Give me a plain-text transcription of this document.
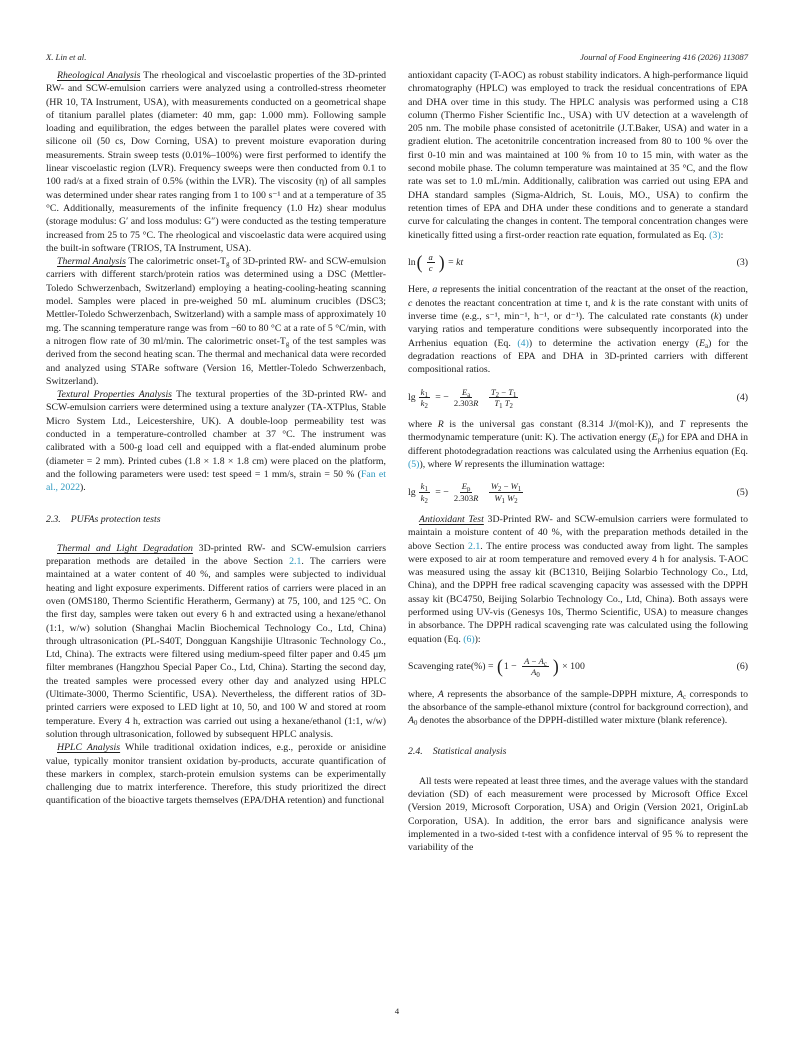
X. Lin et al.	Journal of Food Engineering 416 (2026) 113087

Rheological Analysis The rheological and viscoelastic properties of the 3D-printed RW- and SCW-emulsion carriers were analyzed using a controlled-stress rheometer (HR 10, TA Instrument, USA), with measurements conducted on a geometrical shape of titanium parallel plates (diameter: 40 mm, gap: 1.000 mm). Following sample loading and equilibration, the edges between the parallel plates were covered with silicone oil (50 cs, Dow Corning, USA) to prevent moisture evaporation during measurements. Strain sweep tests (0.01%–100%) were first performed to identify the linear viscoelastic region (LVR). Frequency sweeps were then conducted from 0.1 to 100 rad/s at a fixed strain of 0.5% (within the LVR). The viscosity (η) of all samples was determined under shear rates ranging from 1 to 100 s⁻¹ and at a temperature of 35 °C. Additionally, measurements of the infinite frequency (1.0 Hz) shear modulus (storage modulus: G′ and loss modulus: G″) were conducted as the testing temperature increased from 25 to 75 °C. The rheological and viscoelastic data were acquired using the built-in software (TRIOS, TA Instrument, USA).

Thermal Analysis The calorimetric onset-$T_g$ of 3D-printed RW- and SCW-emulsion carriers with different starch/protein ratios was determined using a DSC (Mettler-Toledo Schwerzenbach, Switzerland) employing a heating-cooling-heating scanning model. Samples were placed in pre-weighed 50 mL aluminum crucibles (DSC3; Mettler-Toledo Schwerzenbach, Switzerland) with a sample mass of approximately 10 mg. The scanning temperature range was from −60 to 80 °C at a rate of 5 °C/min, with a nitrogen flow rate of 30 ml/min. The calorimetric onset-$T_g$ of the test samples was derived from the second heating scan. The thermal and mechanical data were recorded and analyzed using STARe software (Version 16, Mettler-Toledo Schwerzenbach, Switzerland).

Textural Properties Analysis The textural properties of the 3D-printed RW- and SCW-emulsion carriers were determined using a texture analyzer (TA-XTPlus, Stable Micro System Ltd., Leicestershire, UK). A double-loop permeability test was conducted in a temperature-controlled chamber at 37 °C. The instrument was calibrated with a 500-g load cell and equipped with a flat-ended aluminum probe (diameter = 2 mm). Printed cubes (1.8 × 1.8 × 1.8 cm) were placed on the platform, and the following parameters were used: test speed = 1 mm/s, strain = 50 % (Fan et al., 2022).

2.3. PUFAs protection tests

Thermal and Light Degradation 3D-printed RW- and SCW-emulsion carriers preparation methods are detailed in the above Section 2.1. The carriers were maintained at a water content of 40 %, and samples were subjected to individual heating and light exposure experiments. Different ratios of carriers were placed in an oven (OMS180, Thermo Scientific Heratherm, Germany) at 75, 100, and 125 °C. On the first day, samples were taken out every 6 h and extracted using a hexane/ethanol (1:1, w/w) solution (Shanghai Maclin Biochemical Technology Co., Ltd, China) through ultrasonication (PL-S40T, Dongguan Kangshijie Ultrasonic Technology Co., Ltd, China). The extracts were filtered using medium-speed filter paper and 0.45 μm filter membranes (Hangzhou Special Paper Co., Ltd, China). Starting the second day, the treated samples were processed every other day and analyzed using HPLC (Ultimate-3000, Thermo Scientific, USA). Nevertheless, the different ratios of 3D-printed carriers were exposed to LED light at 10, 50, and 100 W and stored at room temperature. Every 4 h, extraction was carried out using a hexane/ethanol (1:1, w/w) solution through ultrasonication, followed by subsequent HPLC analysis.

HPLC Analysis While traditional oxidation indices, e.g., peroxide or anisidine value, typically monitor transient oxidation by-products, accurate quantification of these markers in complex, starch-protein emulsion systems can be experimentally challenging due to matrix interference. Therefore, this study prioritized the direct quantification of the bioactive targets themselves (EPA/DHA retention) and functional

antioxidant capacity (T-AOC) as robust stability indicators. A high-performance liquid chromatography (HPLC) was employed to track the residual concentrations of EPA and DHA over time in this study. The HPLC analysis was performed using a C18 column (Thermo Fisher Scientific Inc., USA) with UV detection at a wavelength of 205 nm. The mobile phase consisted of acetonitrile (J.T.Baker, USA) and water in a gradient elution. The acetonitrile concentration increased from 80 to 100 % over the first 0-10 min and was maintained at 100 % from 10 to 15 min, with water as the second mobile phase. The column temperature was maintained at 35 °C, and the flow rate was set to 1.0 mL/min. Additionally, calibration was carried out using EPA and DHA standard samples (Sigma-Aldrich, St. Louis, MO., USA) to confirm the retention times of EPA and DHA under these conditions and to generate a standard curve for calculating the changes in content. The temporal concentration changes were kinetically fitted using a first-order reaction rate equation, formulated as Eq. (3):

ln ( $\frac{a}{c}$ ) = kt	(3)

Here, a represents the initial concentration of the reactant at the onset of the reaction, c denotes the reactant concentration at time t, and k is the rate constant with units of inverse time (e.g., s⁻¹, min⁻¹, h⁻¹, or d⁻¹). The calculated rate constants (k) under varying ratios and temperature conditions were subsequently incorporated into the Arrhenius equation (Eq. (4)) to determine the activation energy $(E_a)$ for the degradation reactions of EPA and DHA in 3D-printed carriers with different compositional ratios.

$\lg \frac{k_1}{k_2}$ = − $\frac{E_a}{2.303R}$
$\frac{T_2 - T_1}{T_1 T_2}$	(4)

where R is the universal gas constant (8.314 J/(mol·K)), and T represents the thermodynamic temperature (unit: K). The activation energy $(E_p)$ for EPA and DHA in different photodegradation reactions was calculated using the Arrhenius equation (Eq. (5)), where W represents the illumination wattage:

$\lg \frac{k_1}{k_2}$ = − $\frac{E_p}{2.303R}$
$\frac{W_2 - W_1}{W_1 W_2}$	(5)

Antioxidant Test 3D-Printed RW- and SCW-emulsion carriers were formulated to maintain a moisture content of 40 %, with the preparation methods detailed in the above Section 2.1. The entire process was conducted away from light. The samples were exposed to air at room temperature and removed every 4 h for analysis. T-AOC was measured using the assay kit (BC1310, Beijing Solarbio Technology Co., Ltd, China), and the DPPH free radical scavenging capacity was assessed with the DPPH assay kit (BC4750, Beijing Solarbio Technology Co., Ltd, China). Both assays were performed using UV-vis (Genesys 10s, Thermo Scientific, USA) to measure changes in absorbance. The DPPH radical scavenging rate was calculated using the following equation (Eq. (6)):

Scavenging rate(%) = ( $1 - \frac{A - A_c}{A_0}$ ) × 100	(6)

where, A represents the absorbance of the sample-DPPH mixture, $A_c$ corresponds to the absorbance of the sample-ethanol mixture (control for background correction), and $A_0$ denotes the absorbance of the DPPH-distilled water mixture (blank reference).

2.4. Statistical analysis

All tests were repeated at least three times, and the average values with the standard deviation (SD) of each measurement were processed by Microsoft Office Excel (Version 2019, Microsoft Corporation, USA) and Origin (Version 2021, OriginLab Corporation, USA). In addition, the error bars and significance analysis were implemented in a two-sided t-test with a confidence interval of 95 % to represent the variability of the

4
